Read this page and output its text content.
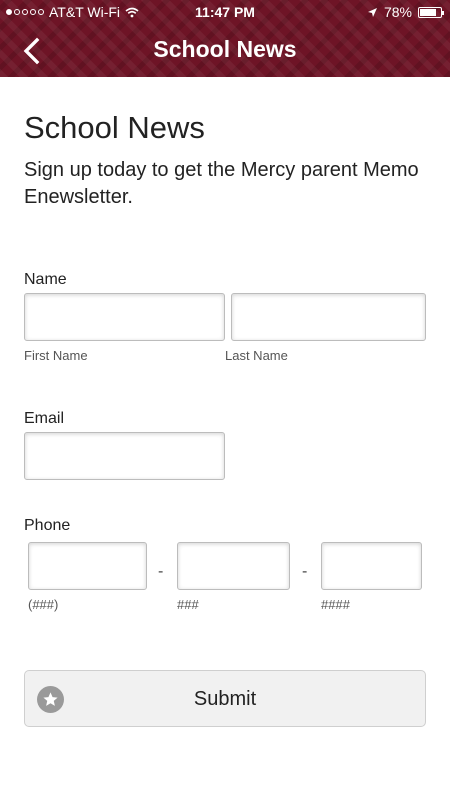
AT&T Wi-Fi	11:47 PM	78%
School News
School News
Sign up today to get the Mercy parent Memo Enewsletter.
Name
First Name	Last Name
Email
Phone
-	-
(###)	###	####
Submit
